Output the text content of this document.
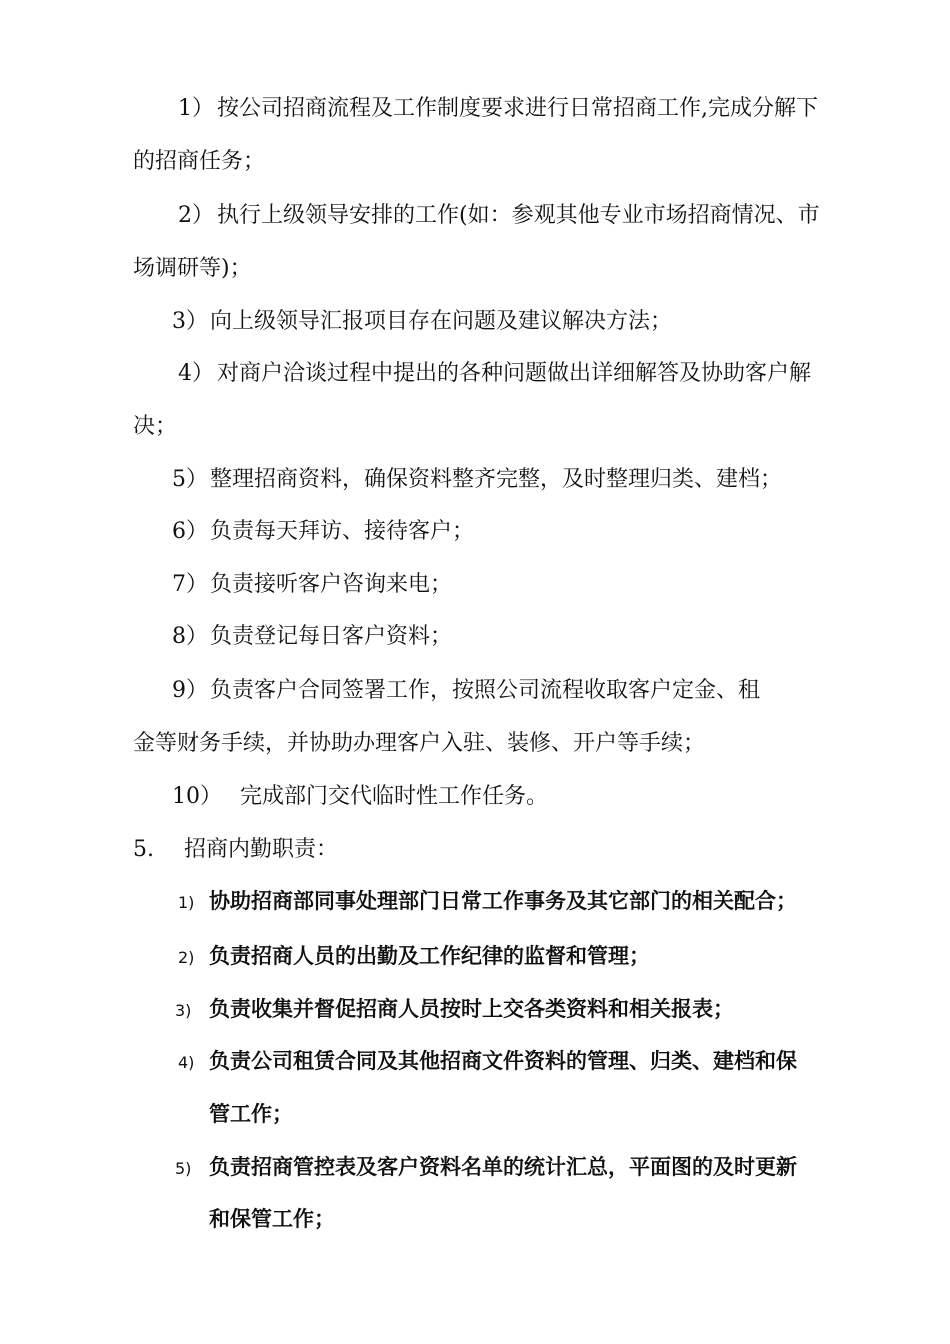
1） 按公司招商流程及工作制度要求进行日常招商工作,完成分解下
的招商任务；
2） 执行上级领导安排的工作(如：参观其他专业市场招商情况、市
场调研等)；
3）向上级领导汇报项目存在问题及建议解决方法；
4） 对商户洽谈过程中提出的各种问题做出详细解答及协助客户解
决；
5）整理招商资料，确保资料整齐完整，及时整理归类、建档；
6）负责每天拜访、接待客户；
7）负责接听客户咨询来电；
8）负责登记每日客户资料；
9）负责客户合同签署工作，按照公司流程收取客户定金、租
金等财务手续，并协助办理客户入驻、装修、开户等手续；
10） 完成部门交代临时性工作任务。
5. 招商内勤职责：
1) 协助招商部同事处理部门日常工作事务及其它部门的相关配合；
2) 负责招商人员的出勤及工作纪律的监督和管理；
3) 负责收集并督促招商人员按时上交各类资料和相关报表；
4) 负责公司租赁合同及其他招商文件资料的管理、归类、建档和保
管工作；
5) 负责招商管控表及客户资料名单的统计汇总，平面图的及时更新
和保管工作；
